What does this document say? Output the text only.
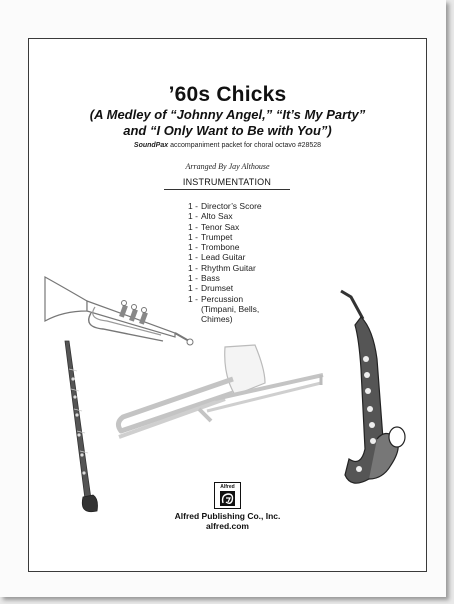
’60s Chicks
(A Medley of “Johnny Angel,” “It’s My Party”
and “I Only Want to Be with You”)
SoundPax accompaniment packet for choral octavo #28528
Arranged By Jay Althouse
INSTRUMENTATION
1 - Director’s Score
1 - Alto Sax
1 - Tenor Sax
1 - Trumpet
1 - Trombone
1 - Lead Guitar
1 - Rhythm Guitar
1 - Bass
1 - Drumset
1 - Percussion
(Timpani, Bells,
Chimes)
Alfred
Alfred Publishing Co., Inc.
alfred.com
